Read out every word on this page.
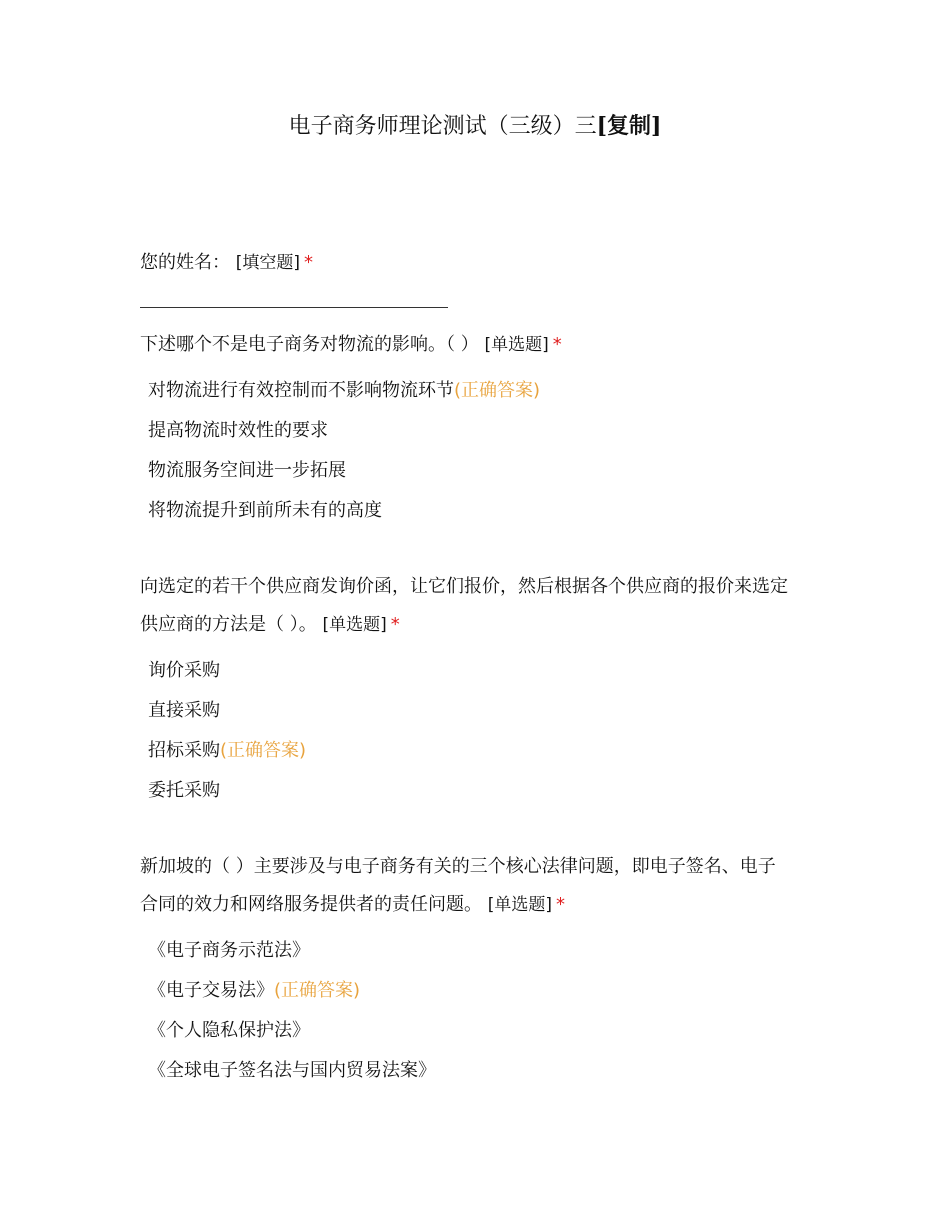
电子商务师理论测试（三级）三[复制]
您的姓名： [填空题] *
下述哪个不是电子商务对物流的影响。（ ） [单选题] *
对物流进行有效控制而不影响物流环节(正确答案)
提高物流时效性的要求
物流服务空间进一步拓展
将物流提升到前所未有的高度
向选定的若干个供应商发询价函，让它们报价，然后根据各个供应商的报价来选定
供应商的方法是（ ）。 [单选题] *
询价采购
直接采购
招标采购(正确答案)
委托采购
新加坡的（ ）主要涉及与电子商务有关的三个核心法律问题，即电子签名、电子
合同的效力和网络服务提供者的责任问题。 [单选题] *
《电子商务示范法》
《电子交易法》(正确答案)
《个人隐私保护法》
《全球电子签名法与国内贸易法案》
